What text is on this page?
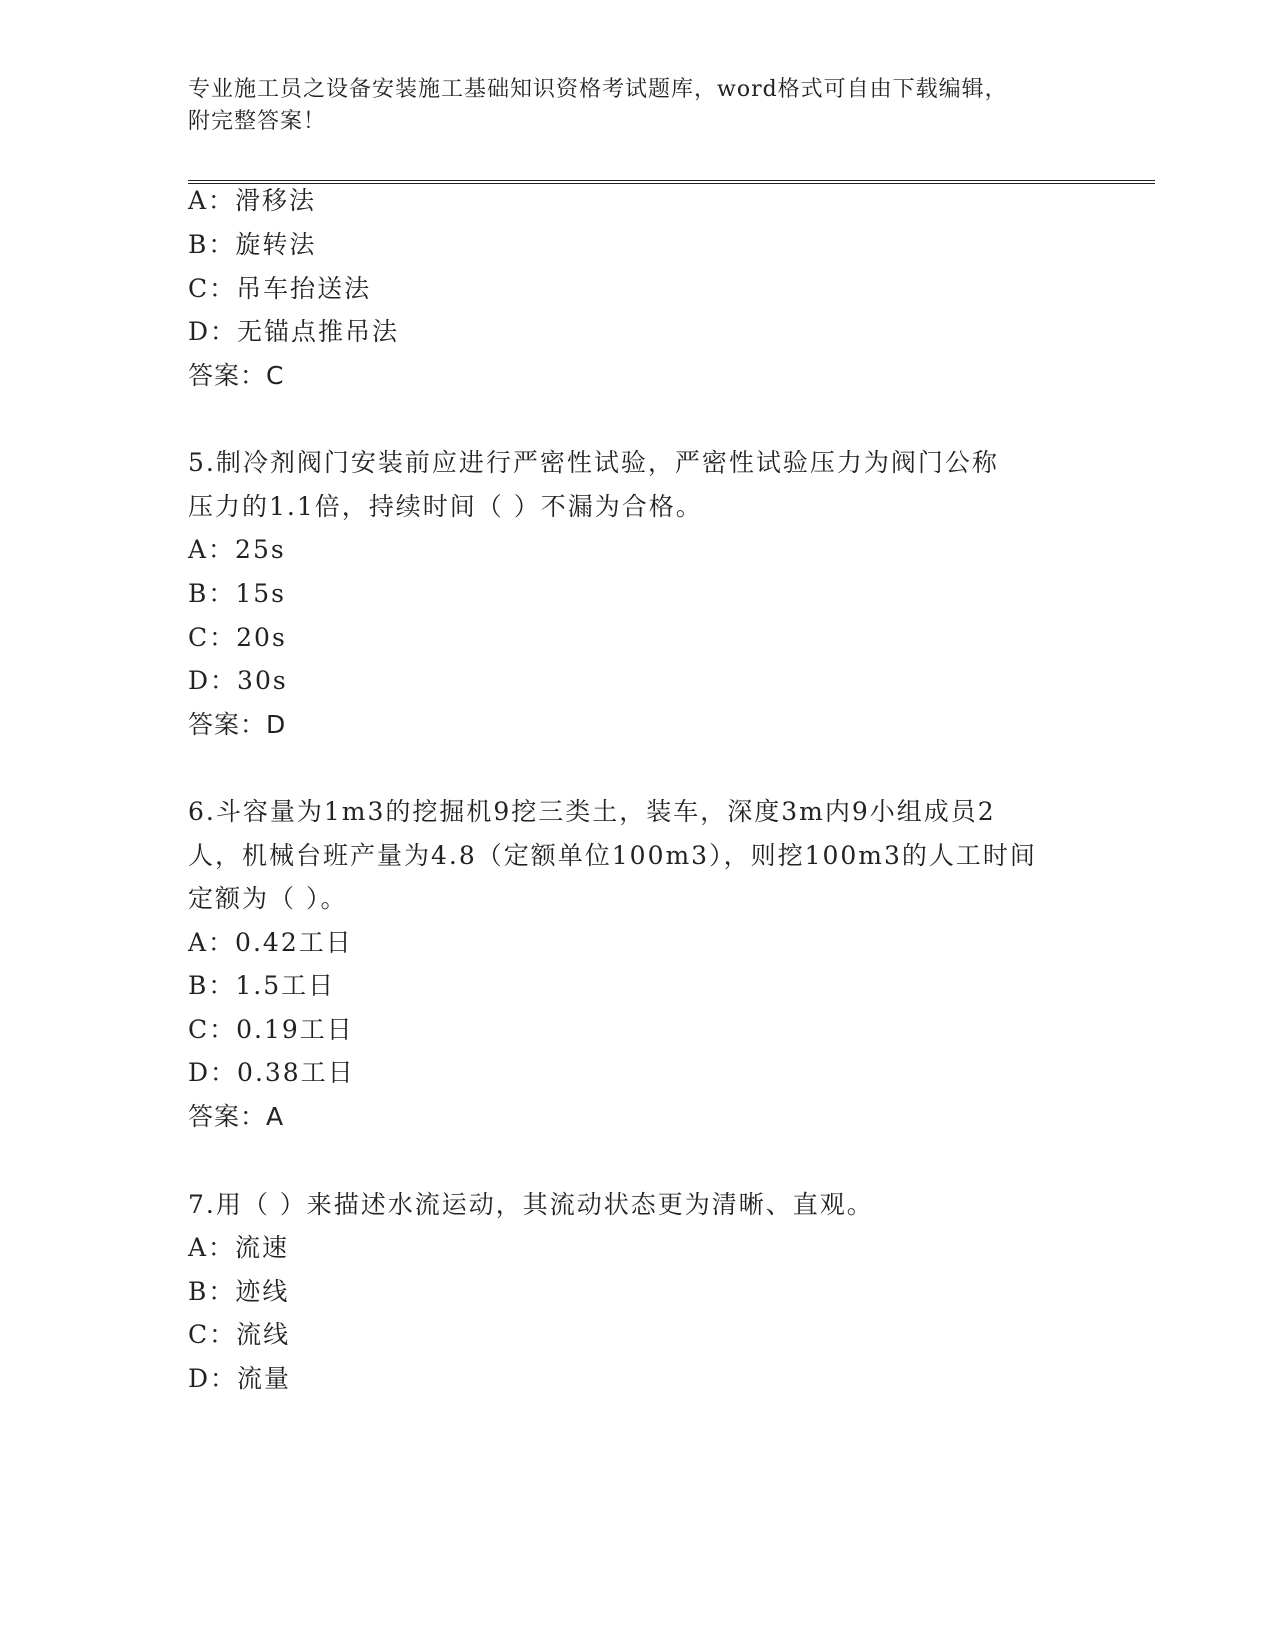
专业施工员之设备安装施工基础知识资格考试题库，word格式可自由下载编辑，
附完整答案！
A：滑移法
B：旋转法
C：吊车抬送法
D：无锚点推吊法
答案：C
5.制冷剂阀门安装前应进行严密性试验，严密性试验压力为阀门公称
压力的1.1倍，持续时间（ ）不漏为合格。
A：25s
B：15s
C：20s
D：30s
答案：D
6.斗容量为1m3的挖掘机9挖三类土，装车，深度3m内9小组成员2
人，机械台班产量为4.8（定额单位100m3），则挖100m3的人工时间
定额为（ ）。
A：0.42工日
B：1.5工日
C：0.19工日
D：0.38工日
答案：A
7.用（ ）来描述水流运动，其流动状态更为清晰、直观。
A：流速
B：迹线
C：流线
D：流量
